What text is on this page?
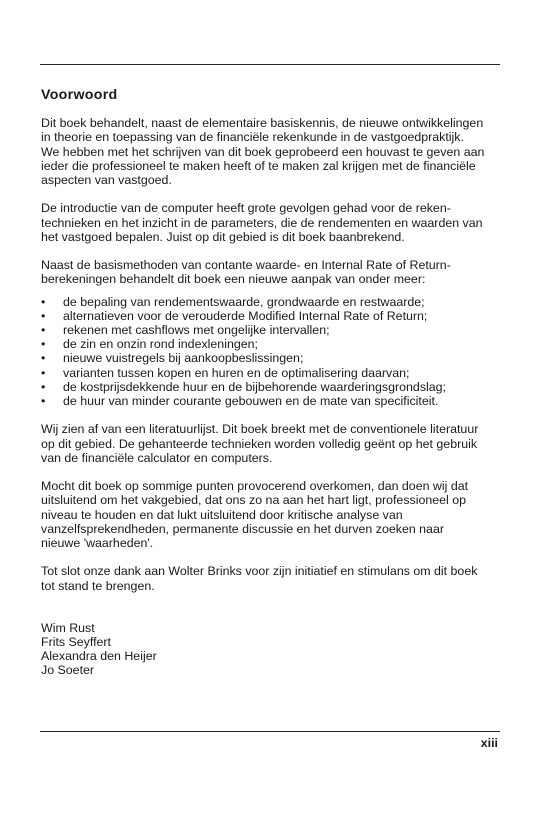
Voorwoord

Dit boek behandelt, naast de elementaire basiskennis, de nieuwe ontwikkelingen
in theorie en toepassing van de financiële rekenkunde in de vastgoedpraktijk.
We hebben met het schrijven van dit boek geprobeerd een houvast te geven aan
ieder die professioneel te maken heeft of te maken zal krijgen met de financiële
aspecten van vastgoed.

De introductie van de computer heeft grote gevolgen gehad voor de reken-
technieken en het inzicht in de parameters, die de rendementen en waarden van
het vastgoed bepalen. Juist op dit gebied is dit boek baanbrekend.

Naast de basismethoden van contante waarde- en Internal Rate of Return-
berekeningen behandelt dit boek een nieuwe aanpak van onder meer:

• de bepaling van rendementswaarde, grondwaarde en restwaarde;
• alternatieven voor de verouderde Modified Internal Rate of Return;
• rekenen met cashflows met ongelijke intervallen;
• de zin en onzin rond indexleningen;
• nieuwe vuistregels bij aankoopbeslissingen;
• varianten tussen kopen en huren en de optimalisering daarvan;
• de kostprijsdekkende huur en de bijbehorende waarderingsgrondslag;
• de huur van minder courante gebouwen en de mate van specificiteit.

Wij zien af van een literatuurlijst. Dit boek breekt met de conventionele literatuur
op dit gebied. De gehanteerde technieken worden volledig geënt op het gebruik
van de financiële calculator en computers.

Mocht dit boek op sommige punten provocerend overkomen, dan doen wij dat
uitsluitend om het vakgebied, dat ons zo na aan het hart ligt, professioneel op
niveau te houden en dat lukt uitsluitend door kritische analyse van
vanzelfsprekendheden, permanente discussie en het durven zoeken naar
nieuwe 'waarheden'.

Tot slot onze dank aan Wolter Brinks voor zijn initiatief en stimulans om dit boek
tot stand te brengen.

Wim Rust
Frits Seyffert
Alexandra den Heijer
Jo Soeter
xiii
